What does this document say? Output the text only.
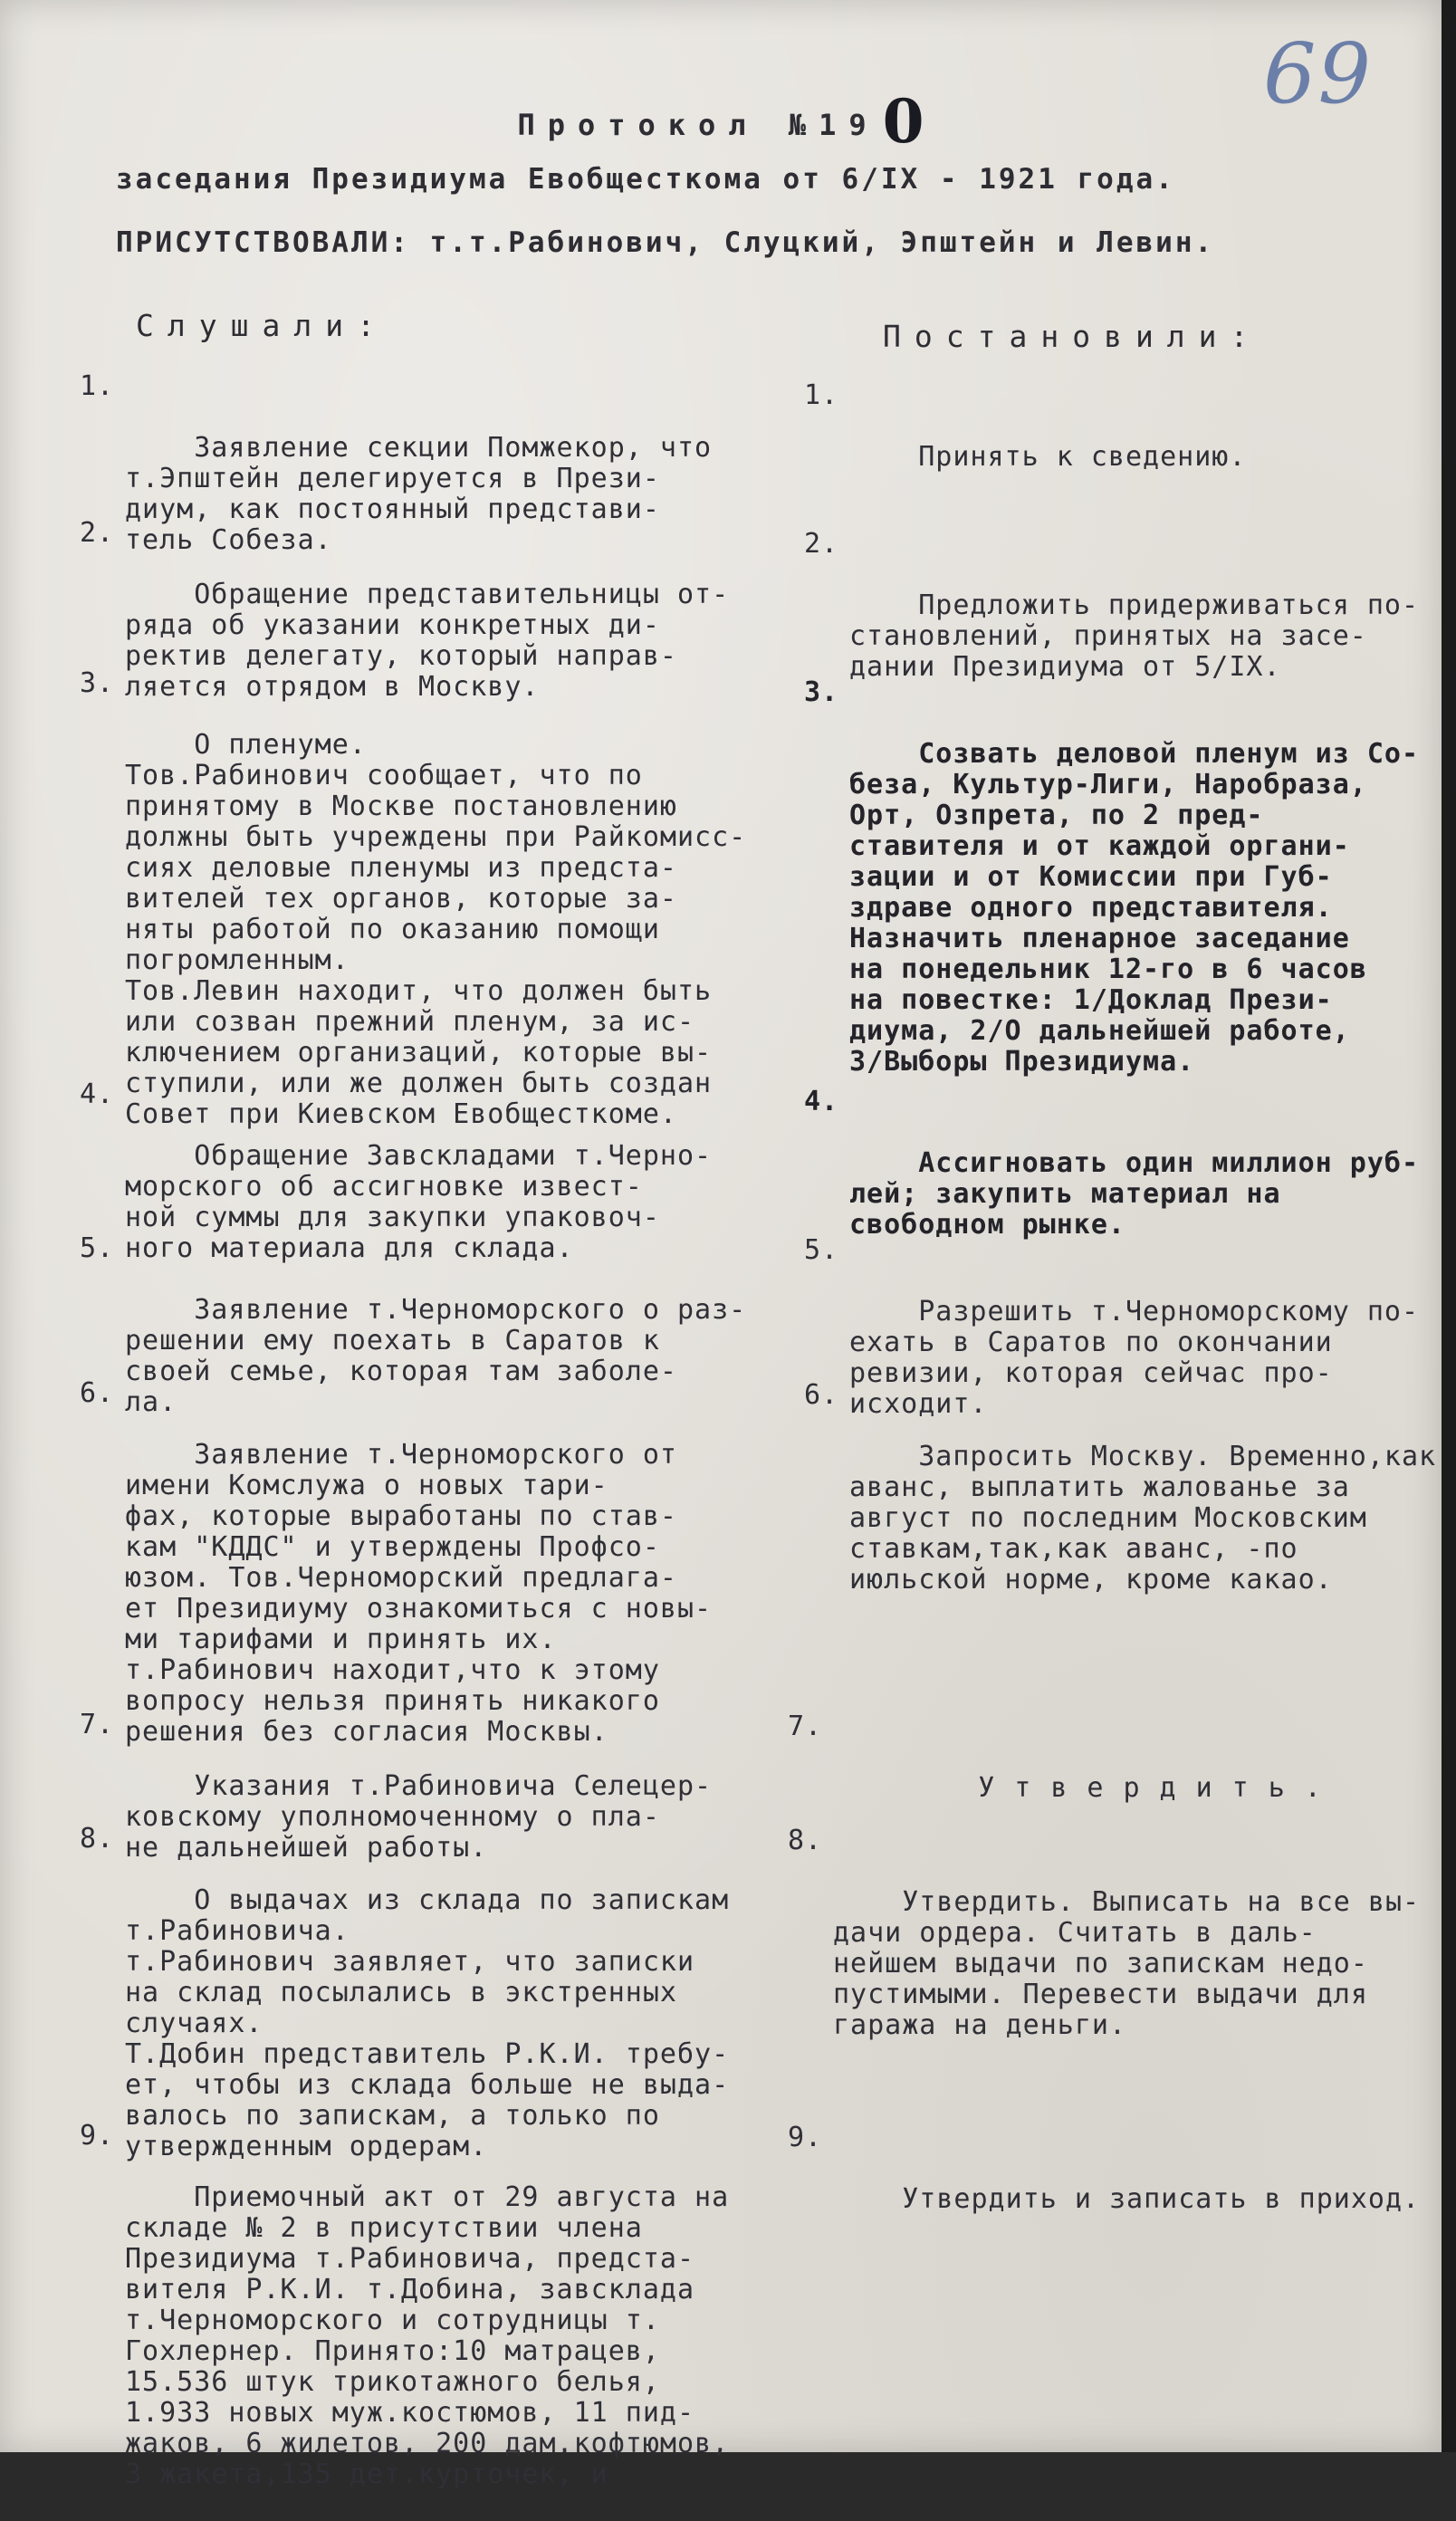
69
Протокол №190
заседания Президиума Евобщесткома от 6/IX - 1921 года.
ПРИСУТСТВОВАЛИ: т.т.Рабинович, Слуцкий, Эпштейн и Левин.
Слушали:	Постановили:

1.

Заявление секции Помжекор, что
т.Эпштейн делегируется в Прези-
диум, как постоянный представи-
тель Собеза.

1.

Принять к сведению.

2.

Обращение представительницы от-
ряда об указании конкретных ди-
ректив делегату, который направ-
ляется отрядом в Москву.

2.

Предложить придерживаться по-
становлений, принятых на засе-
дании Президиума от 5/IX.

3.

О пленуме.
Тов.Рабинович сообщает, что по
принятому в Москве постановлению
должны быть учреждены при Райкомисс-
сиях деловые пленумы из предста-
вителей тех органов, которые за-
няты работой по оказанию помощи
погромленным.
Тов.Левин находит, что должен быть
или созван прежний пленум, за ис-
ключением организаций, которые вы-
ступили, или же должен быть создан
Совет при Киевском Евобщесткоме.

3.

Созвать деловой пленум из Со-
беза, Культур-Лиги, Наробраза,
Орт, Озпрета, по 2 пред-
ставителя и от каждой органи-
зации и от Комиссии при Губ-
здраве одного представителя.
Назначить пленарное заседание
на понедельник 12-го в 6 часов
на повестке: 1/Доклад Прези-
диума, 2/О дальнейшей работе,
3/Выборы Президиума.

4.

Обращение Завскладами т.Черно-
морского об ассигновке извест-
ной суммы для закупки упаковоч-
ного материала для склада.

4.

Ассигновать один миллион руб-
лей; закупить материал на
свободном рынке.

5.

Заявление т.Черноморского о раз-
решении ему поехать в Саратов к
своей семье, которая там заболе-
ла.

5.

Разрешить т.Черноморскому по-
ехать в Саратов по окончании
ревизии, которая сейчас про-
исходит.

6.

Заявление т.Черноморского от
имени Комслужа о новых тари-
фах, которые выработаны по став-
кам "КДДС" и утверждены Профсо-
юзом. Тов.Черноморский предлага-
ет Президиуму ознакомиться с новы-
ми тарифами и принять их.
т.Рабинович находит,что к этому
вопросу нельзя принять никакого
решения без согласия Москвы.

6.

Запросить Москву. Временно,как
аванс, выплатить жалованье за
август по последним Московским
ставкам,так,как аванс, -по
июльской норме, кроме какао.

7.

Указания т.Рабиновича Селецер-
ковскому уполномоченному о пла-
не дальнейшей работы.

7.

Утвердить.

8.

О выдачах из склада по запискам
т.Рабиновича.
т.Рабинович заявляет, что записки
на склад посылались в экстренных
случаях.
Т.Добин представитель Р.К.И. требу-
ет, чтобы из склада больше не выда-
валось по запискам, а только по
утвержденным ордерам.

8.

Утвердить. Выписать на все вы-
дачи ордера. Считать в даль-
нейшем выдачи по запискам недо-
пустимыми. Перевести выдачи для
гаража на деньги.

9.

Приемочный акт от 29 августа на
складе № 2 в присутствии члена
Президиума т.Рабиновича, предста-
вителя Р.К.И. т.Добина, завсклада
т.Черноморского и сотрудницы т.
Гохлернер. Принято:10 матрацев,
15.536 штук трикотажного белья,
1.933 новых муж.костюмов, 11 пид-
жаков, 6 жилетов, 200 дам.кофтюмов,
3 жакета,135 дет.курточек, и

9.

Утвердить и записать в приход.
